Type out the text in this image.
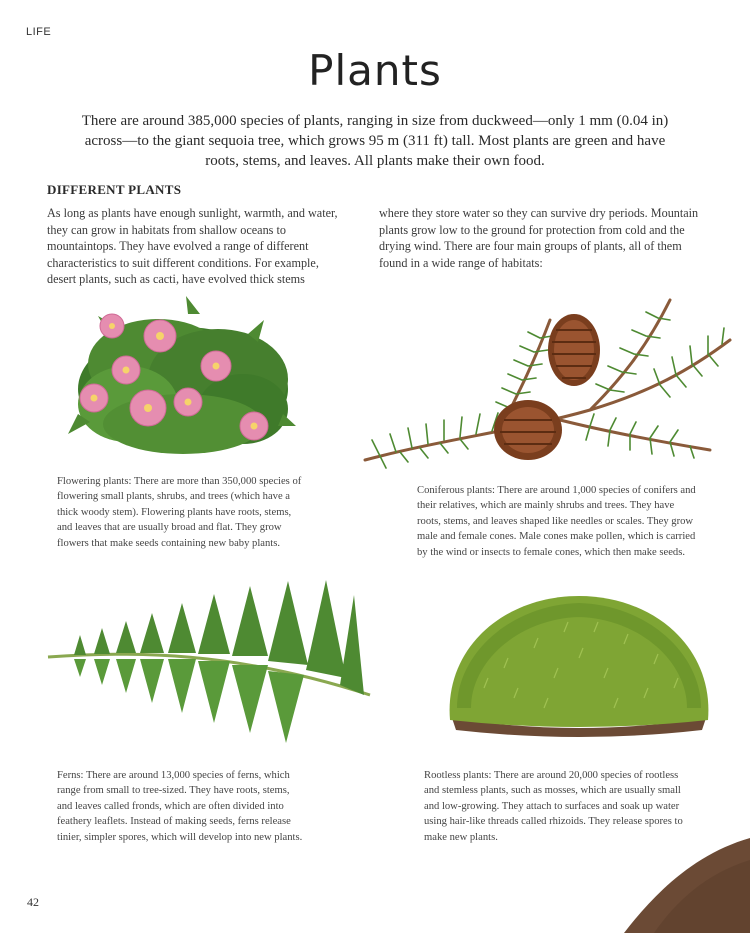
LIFE
Plants

There are around 385,000 species of plants, ranging in size from duckweed—only 1 mm (0.04 in) across—to the giant sequoia tree, which grows 95 m (311 ft) tall. Most plants are green and have roots, stems, and leaves. All plants make their own food.

DIFFERENT PLANTS

As long as plants have enough sunlight, warmth, and water, they can grow in habitats from shallow oceans to mountaintops. They have evolved a range of different characteristics to suit different conditions. For example, desert plants, such as cacti, have evolved thick stems

where they store water so they can survive dry periods. Mountain plants grow low to the ground for protection from cold and the drying wind. There are four main groups of plants, all of them found in a wide range of habitats:

Flowering plants: There are more than 350,000 species of flowering small plants, shrubs, and trees (which have a thick woody stem). Flowering plants have roots, stems, and leaves that are usually broad and flat. They grow flowers that make seeds containing new baby plants.

Coniferous plants: There are around 1,000 species of conifers and their relatives, which are mainly shrubs and trees. They have roots, stems, and leaves shaped like needles or scales. They grow male and female cones. Male cones make pollen, which is carried by the wind or insects to female cones, which then make seeds.

Ferns: There are around 13,000 species of ferns, which range from small to tree-sized. They have roots, stems, and leaves called fronds, which are often divided into feathery leaflets. Instead of making seeds, ferns release tinier, simpler spores, which will develop into new plants.

Rootless plants: There are around 20,000 species of rootless and stemless plants, such as mosses, which are usually small and low-growing. They attach to surfaces and soak up water using hair-like threads called rhizoids. They release spores to make new plants.

42
